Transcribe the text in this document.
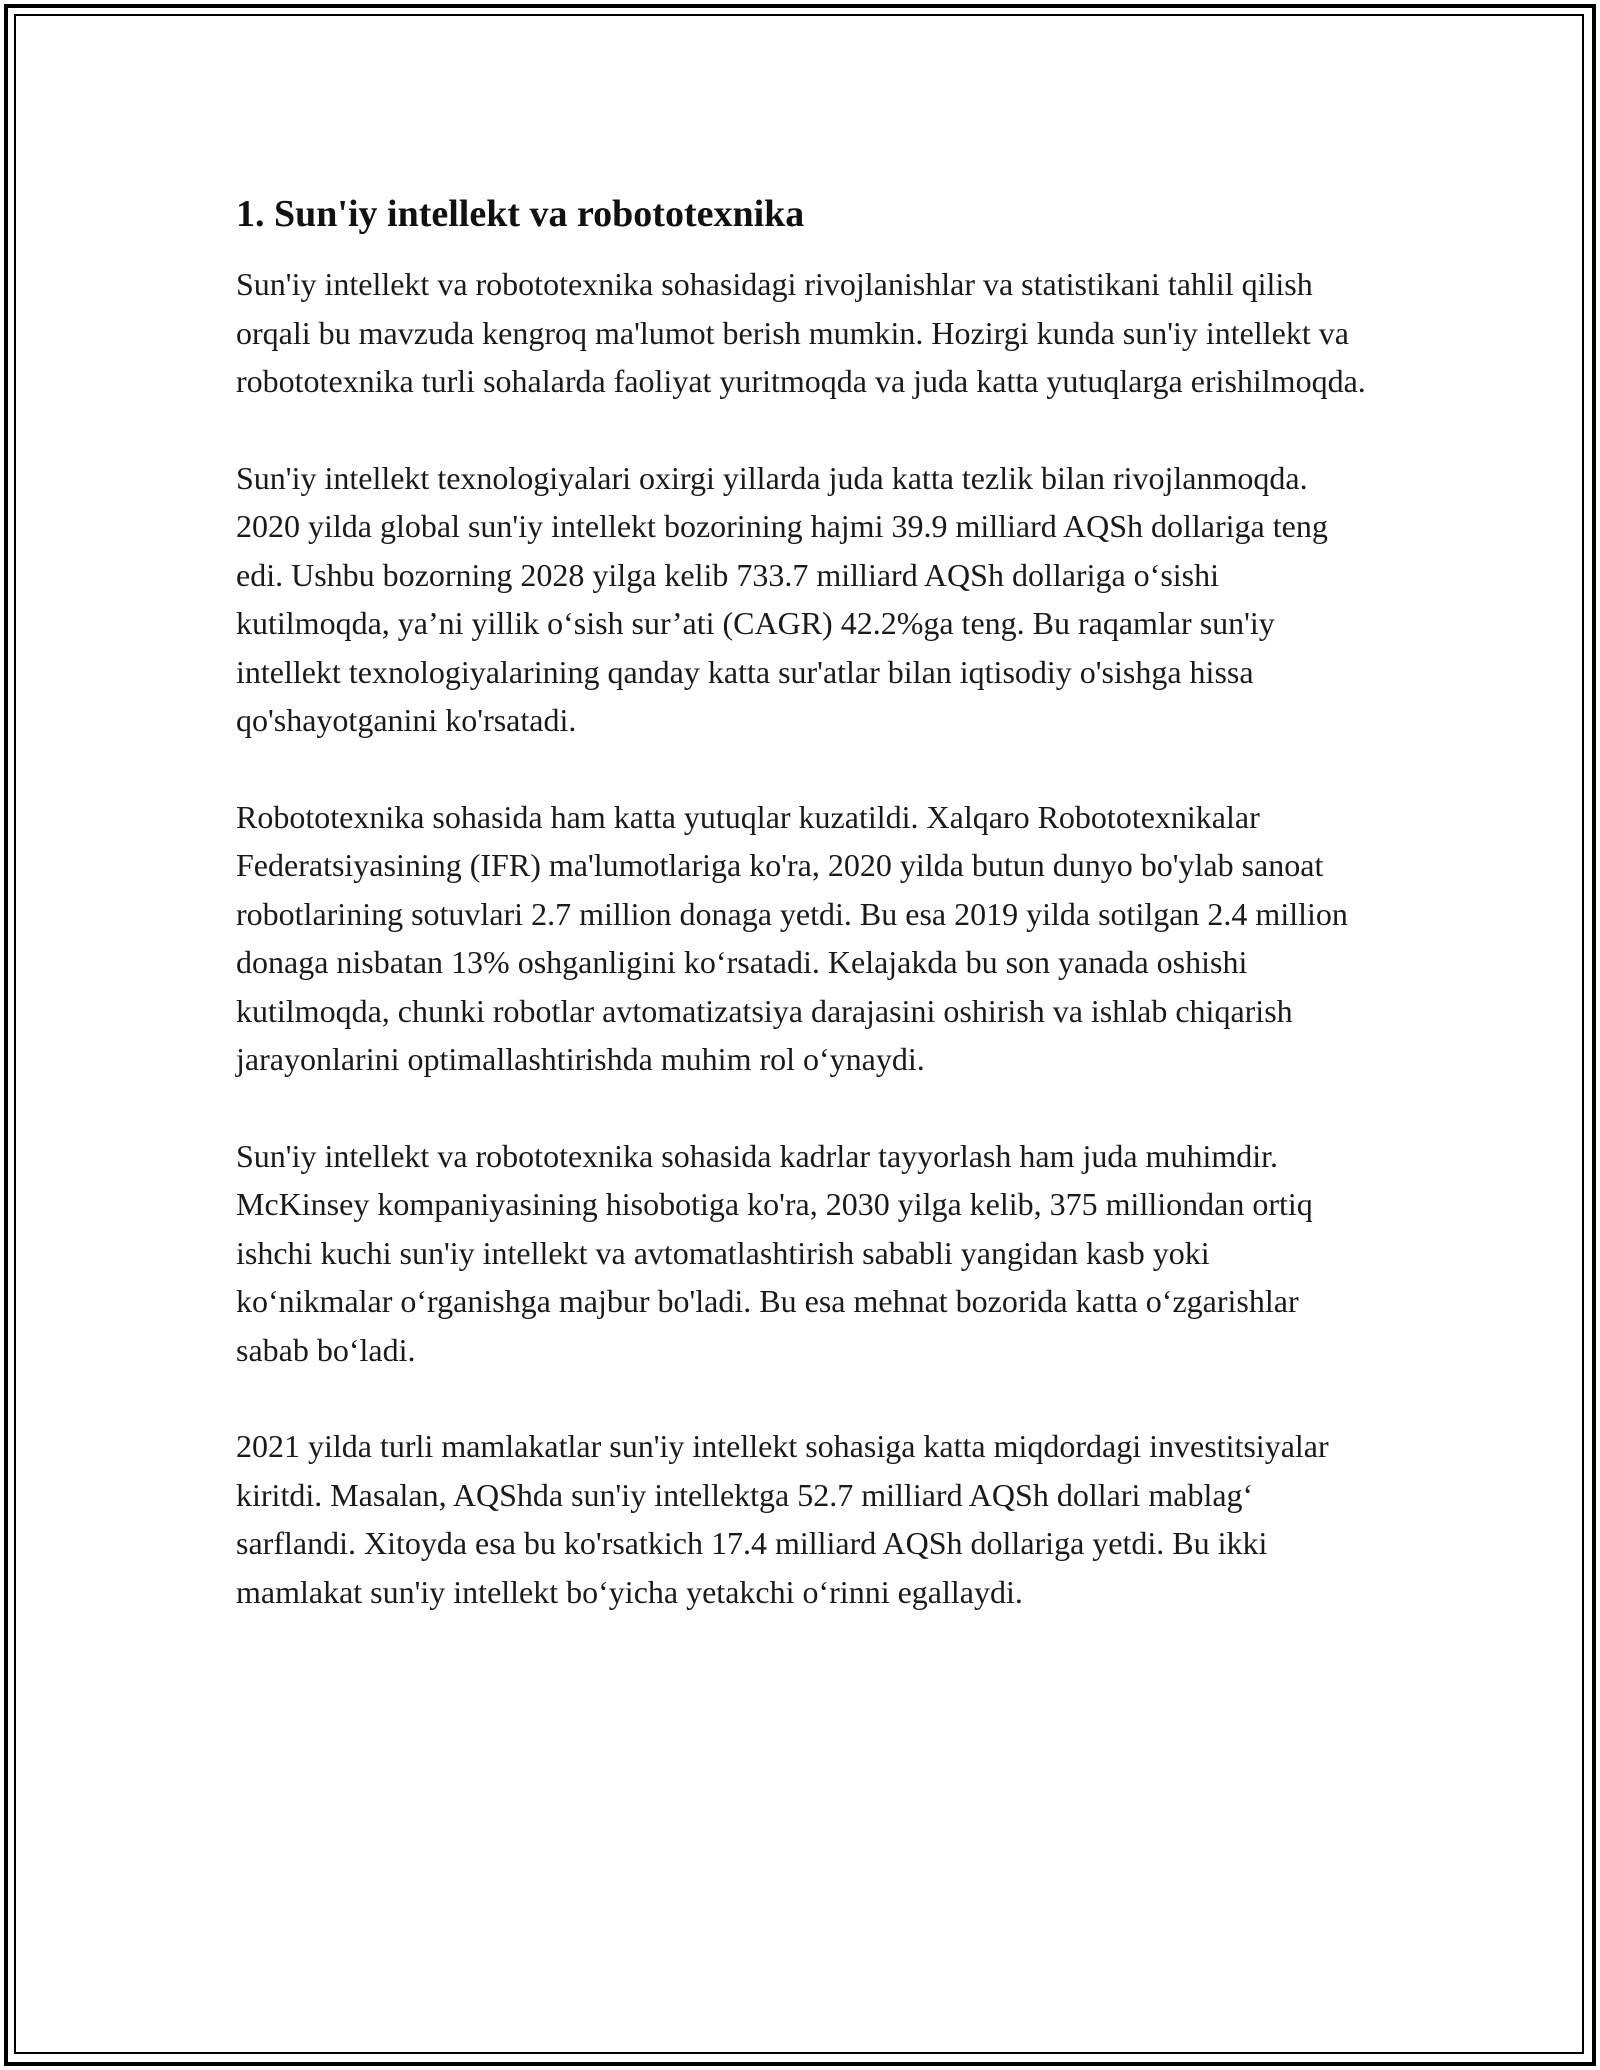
1. Sun'iy intellekt va robototexnika

Sun'iy intellekt va robototexnika sohasidagi rivojlanishlar va statistikani tahlil qilish orqali bu mavzuda kengroq ma'lumot berish mumkin. Hozirgi kunda sun'iy intellekt va robototexnika turli sohalarda faoliyat yuritmoqda va juda katta yutuqlarga erishilmoqda.

Sun'iy intellekt texnologiyalari oxirgi yillarda juda katta tezlik bilan rivojlanmoqda. 2020 yilda global sun'iy intellekt bozorining hajmi 39.9 milliard AQSh dollariga teng edi. Ushbu bozorning 2028 yilga kelib 733.7 milliard AQSh dollariga o‘sishi kutilmoqda, ya’ni yillik o‘sish sur’ati (CAGR) 42.2%ga teng. Bu raqamlar sun'iy intellekt texnologiyalarining qanday katta sur'atlar bilan iqtisodiy o'sishga hissa qo'shayotganini ko'rsatadi.

Robototexnika sohasida ham katta yutuqlar kuzatildi. Xalqaro Robototexnikalar Federatsiyasining (IFR) ma'lumotlariga ko'ra, 2020 yilda butun dunyo bo'ylab sanoat robotlarining sotuvlari 2.7 million donaga yetdi. Bu esa 2019 yilda sotilgan 2.4 million donaga nisbatan 13% oshganligini ko‘rsatadi. Kelajakda bu son yanada oshishi kutilmoqda, chunki robotlar avtomatizatsiya darajasini oshirish va ishlab chiqarish jarayonlarini optimallashtirishda muhim rol o‘ynaydi.

Sun'iy intellekt va robototexnika sohasida kadrlar tayyorlash ham juda muhimdir. McKinsey kompaniyasining hisobotiga ko'ra, 2030 yilga kelib, 375 milliondan ortiq ishchi kuchi sun'iy intellekt va avtomatlashtirish sababli yangidan kasb yoki ko‘nikmalar o‘rganishga majbur bo'ladi. Bu esa mehnat bozorida katta o‘zgarishlar sabab bo‘ladi.

2021 yilda turli mamlakatlar sun'iy intellekt sohasiga katta miqdordagi investitsiyalar kiritdi. Masalan, AQShda sun'iy intellektga 52.7 milliard AQSh dollari mablag‘ sarflandi. Xitoyda esa bu ko'rsatkich 17.4 milliard AQSh dollariga yetdi. Bu ikki mamlakat sun'iy intellekt bo‘yicha yetakchi o‘rinni egallaydi.
